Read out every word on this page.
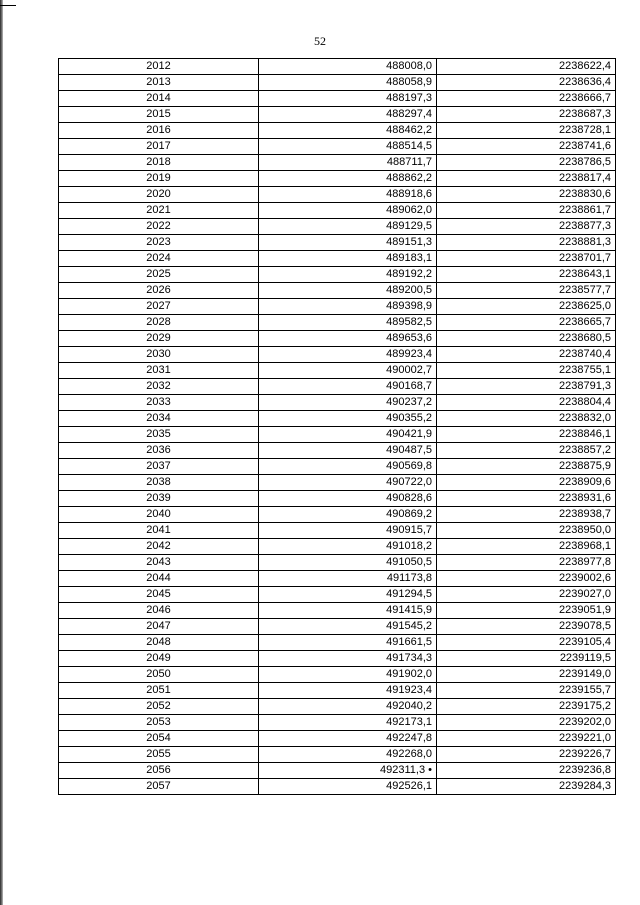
52
2012	488008,0	2238622,4
2013	488058,9	2238636,4
2014	488197,3	2238666,7
2015	488297,4	2238687,3
2016	488462,2	2238728,1
2017	488514,5	2238741,6
2018	488711,7	2238786,5
2019	488862,2	2238817,4
2020	488918,6	2238830,6
2021	489062,0	2238861,7
2022	489129,5	2238877,3
2023	489151,3	2238881,3
2024	489183,1	2238701,7
2025	489192,2	2238643,1
2026	489200,5	2238577,7
2027	489398,9	2238625,0
2028	489582,5	2238665,7
2029	489653,6	2238680,5
2030	489923,4	2238740,4
2031	490002,7	2238755,1
2032	490168,7	2238791,3
2033	490237,2	2238804,4
2034	490355,2	2238832,0
2035	490421,9	2238846,1
2036	490487,5	2238857,2
2037	490569,8	2238875,9
2038	490722,0	2238909,6
2039	490828,6	2238931,6
2040	490869,2	2238938,7
2041	490915,7	2238950,0
2042	491018,2	2238968,1
2043	491050,5	2238977,8
2044	491173,8	2239002,6
2045	491294,5	2239027,0
2046	491415,9	2239051,9
2047	491545,2	2239078,5
2048	491661,5	2239105,4
2049	491734,3	2239119,5
2050	491902,0	2239149,0
2051	491923,4	2239155,7
2052	492040,2	2239175,2
2053	492173,1	2239202,0
2054	492247,8	2239221,0
2055	492268,0	2239226,7
2056	492311,3 •	2239236,8
2057	492526,1	2239284,3
